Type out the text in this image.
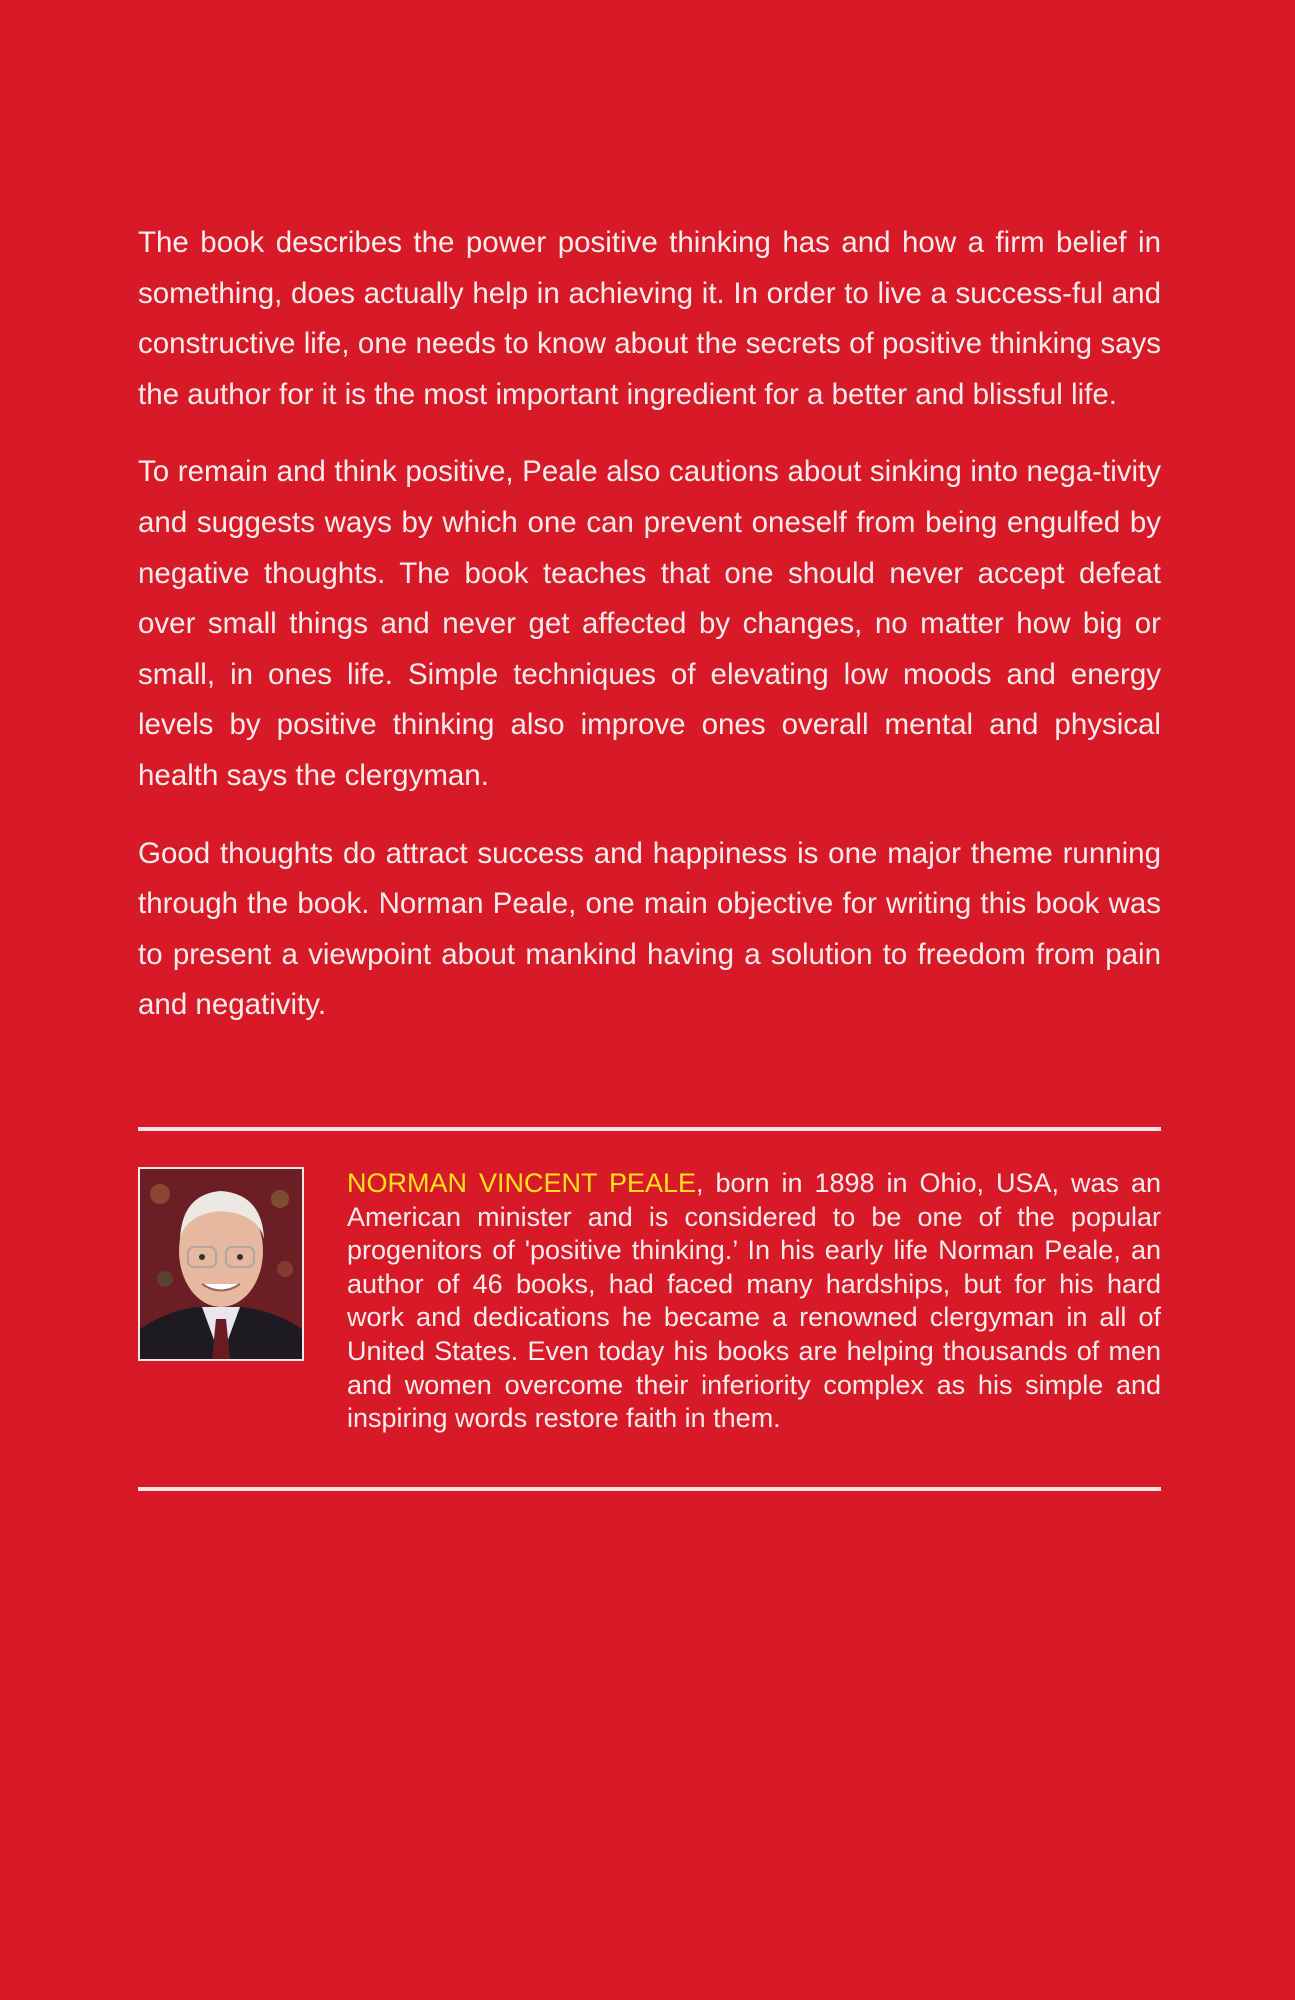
The book describes the power positive thinking has and how a firm belief in something, does actually help in achieving it. In order to live a success-ful and constructive life, one needs to know about the secrets of positive thinking says the author for it is the most important ingredient for a better and blissful life.

To remain and think positive, Peale also cautions about sinking into nega-tivity and suggests ways by which one can prevent oneself from being engulfed by negative thoughts. The book teaches that one should never accept defeat over small things and never get affected by changes, no matter how big or small, in ones life. Simple techniques of elevating low moods and energy levels by positive thinking also improve ones overall mental and physical health says the clergyman.

Good thoughts do attract success and happiness is one major theme running through the book. Norman Peale, one main objective for writing this book was to present a viewpoint about mankind having a solution to freedom from pain and negativity.

NORMAN VINCENT PEALE, born in 1898 in Ohio, USA, was an American minister and is considered to be one of the popular progenitors of 'positive thinking.’ In his early life Norman Peale, an author of 46 books, had faced many hardships, but for his hard work and dedications he became a renowned clergyman in all of United States. Even today his books are helping thousands of men and women overcome their inferiority complex as his simple and inspiring words restore faith in them.
